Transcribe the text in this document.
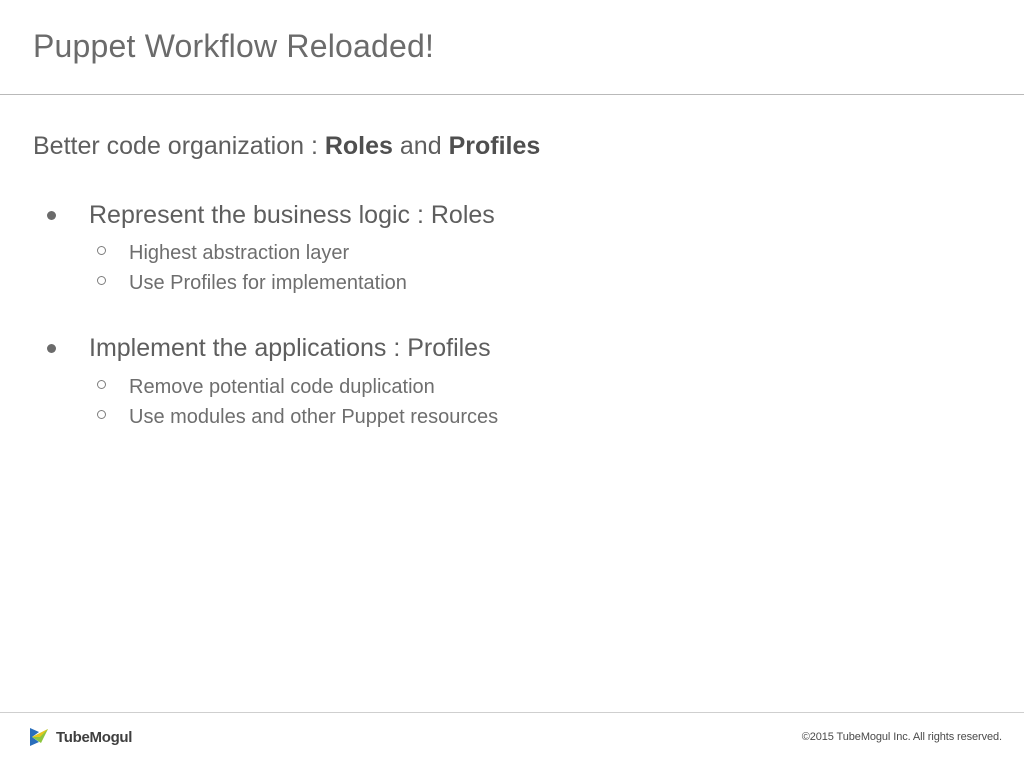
Puppet Workflow Reloaded!

Better code organization : Roles and Profiles

Represent the business logic : Roles
Highest abstraction layer
Use Profiles for implementation
Implement the applications : Profiles
Remove potential code duplication
Use modules and other Puppet resources
TubeMogul	©2015 TubeMogul Inc. All rights reserved.
